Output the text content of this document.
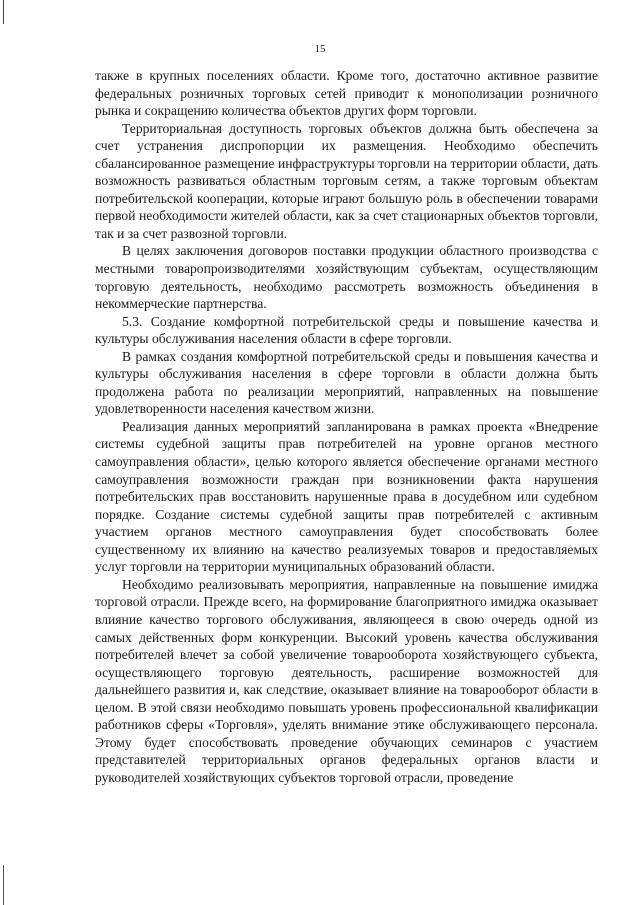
15

также в крупных поселениях области. Кроме того, достаточно активное развитие федеральных розничных торговых сетей приводит к монополизации розничного рынка и сокращению количества объектов других форм торговли.

Территориальная доступность торговых объектов должна быть обеспечена за счет устранения диспропорции их размещения. Необходимо обеспечить сбалансированное размещение инфраструктуры торговли на территории области, дать возможность развиваться областным торговым сетям, а также торговым объектам потребительской кооперации, которые играют большую роль в обеспечении товарами первой необходимости жителей области, как за счет стационарных объектов торговли, так и за счет развозной торговли.

В целях заключения договоров поставки продукции областного производства с местными товаропроизводителями хозяйствующим субъектам, осуществляющим торговую деятельность, необходимо рассмотреть возможность объединения в некоммерческие партнерства.

5.3. Создание комфортной потребительской среды и повышение качества и культуры обслуживания населения области в сфере торговли.

В рамках создания комфортной потребительской среды и повышения качества и культуры обслуживания населения в сфере торговли в области должна быть продолжена работа по реализации мероприятий, направленных на повышение удовлетворенности населения качеством жизни.

Реализация данных мероприятий запланирована в рамках проекта «Внедрение системы судебной защиты прав потребителей на уровне органов местного самоуправления области», целью которого является обеспечение органами местного самоуправления возможности граждан при возникновении факта нарушения потребительских прав восстановить нарушенные права в досудебном или судебном порядке. Создание системы судебной защиты прав потребителей с активным участием органов местного самоуправления будет способствовать более существенному их влиянию на качество реализуемых товаров и предоставляемых услуг торговли на территории муниципальных образований области.

Необходимо реализовывать мероприятия, направленные на повышение имиджа торговой отрасли. Прежде всего, на формирование благоприятного имиджа оказывает влияние качество торгового обслуживания, являющееся в свою очередь одной из самых действенных форм конкуренции. Высокий уровень качества обслуживания потребителей влечет за собой увеличение товарооборота хозяйствующего субъекта, осуществляющего торговую деятельность, расширение возможностей для дальнейшего развития и, как следствие, оказывает влияние на товарооборот области в целом. В этой связи необходимо повышать уровень профессиональной квалификации работников сферы «Торговля», уделять внимание этике обслуживающего персонала. Этому будет способствовать проведение обучающих семинаров с участием представителей территориальных органов федеральных органов власти и руководителей хозяйствующих субъектов торговой отрасли, проведение
